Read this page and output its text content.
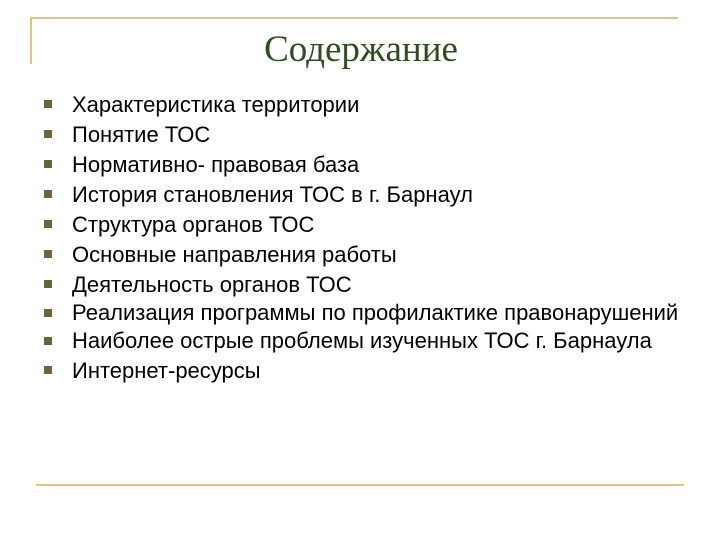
Содержание
Характеристика территории
Понятие ТОС
Нормативно- правовая база
История становления ТОС в г. Барнаул
Структура органов ТОС
Основные направления работы
Деятельность органов ТОС
Реализация программы по профилактике правонарушений
Наиболее острые проблемы изученных ТОС г. Барнаула
Интернет-ресурсы
